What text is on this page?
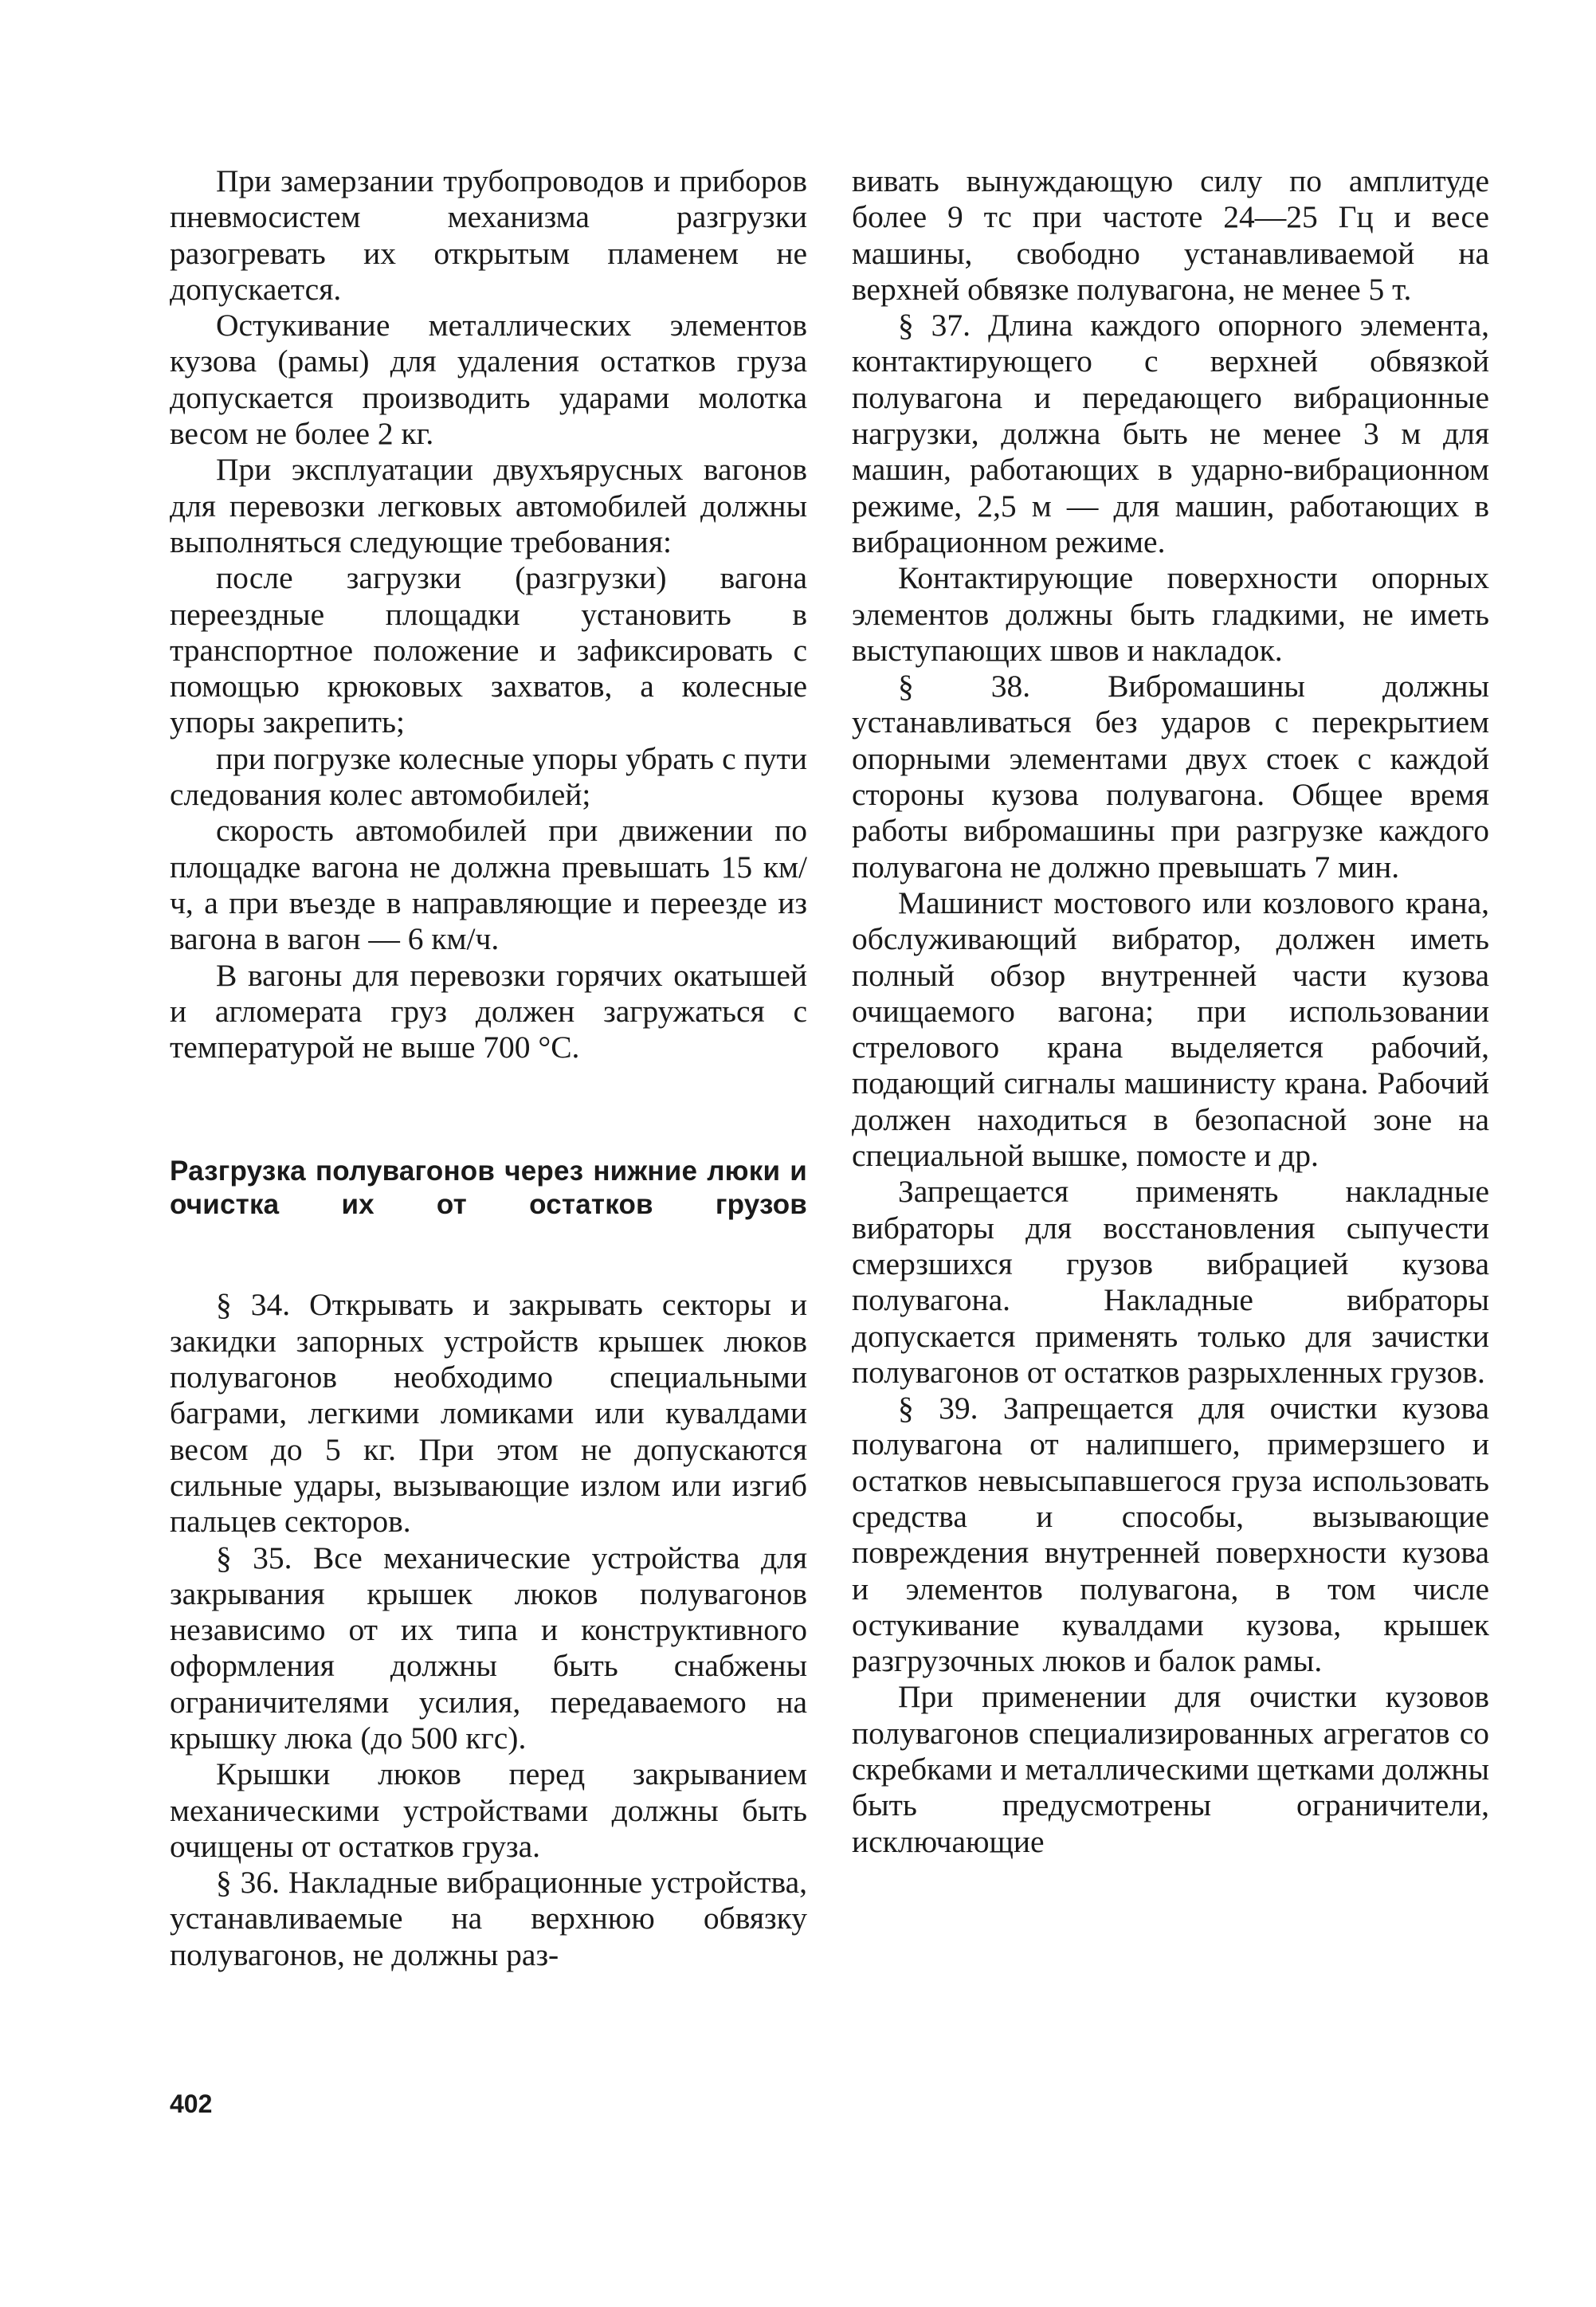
При замерзании трубопроводов и приборов пневмосистем механизма разгрузки разогревать их открытым пламенем не допускается.

Остукивание металлических элементов кузова (рамы) для удаления остатков груза допускается производить ударами молотка весом не более 2 кг.

При эксплуатации двухъярусных вагонов для перевозки легковых автомобилей должны выполняться следующие требования:

после загрузки (разгрузки) вагона переездные площадки установить в транспортное положение и зафиксировать с помощью крюковых захватов, а колесные упоры закрепить;

при погрузке колесные упоры убрать с пути следования колес автомобилей;

скорость автомобилей при движении по площадке вагона не должна превышать 15 км/ч, а при въезде в направляющие и переезде из вагона в вагон — 6 км/ч.

В вагоны для перевозки горячих окатышей и агломерата груз должен загружаться с температурой не выше 700 °С.

Разгрузка полувагонов через нижние люки и очистка их от остатков грузов

§ 34. Открывать и закрывать секторы и закидки запорных устройств крышек люков полувагонов необходимо специальными баграми, легкими ломиками или кувалдами весом до 5 кг. При этом не допускаются сильные удары, вызывающие излом или изгиб пальцев секторов.

§ 35. Все механические устройства для закрывания крышек люков полувагонов независимо от их типа и конструктивного оформления должны быть снабжены ограничителями усилия, передаваемого на крышку люка (до 500 кгс).

Крышки люков перед закрыванием механическими устройствами должны быть очищены от остатков груза.

§ 36. Накладные вибрационные устройства, устанавливаемые на верхнюю обвязку полувагонов, не должны раз-

вивать вынуждающую силу по амплитуде более 9 тс при частоте 24—25 Гц и весе машины, свободно устанавливаемой на верхней обвязке полувагона, не менее 5 т.

§ 37. Длина каждого опорного элемента, контактирующего с верхней обвязкой полувагона и передающего вибрационные нагрузки, должна быть не менее 3 м для машин, работающих в ударно-вибрационном режиме, 2,5 м — для машин, работающих в вибрационном режиме.

Контактирующие поверхности опорных элементов должны быть гладкими, не иметь выступающих швов и накладок.

§ 38. Вибромашины должны устанавливаться без ударов с перекрытием опорными элементами двух стоек с каждой стороны кузова полувагона. Общее время работы вибромашины при разгрузке каждого полувагона не должно превышать 7 мин.

Машинист мостового или козлового крана, обслуживающий вибратор, должен иметь полный обзор внутренней части кузова очищаемого вагона; при использовании стрелового крана выделяется рабочий, подающий сигналы машинисту крана. Рабочий должен находиться в безопасной зоне на специальной вышке, помосте и др.

Запрещается применять накладные вибраторы для восстановления сыпучести смерзшихся грузов вибрацией кузова полувагона. Накладные вибраторы допускается применять только для зачистки полувагонов от остатков разрыхленных грузов.

§ 39. Запрещается для очистки кузова полувагона от налипшего, примерзшего и остатков невысыпавшегося груза использовать средства и способы, вызывающие повреждения внутренней поверхности кузова и элементов полувагона, в том числе остукивание кувалдами кузова, крышек разгрузочных люков и балок рамы.

При применении для очистки кузовов полувагонов специализированных агрегатов со скребками и металлическими щетками должны быть предусмотрены ограничители, исключающие

402
